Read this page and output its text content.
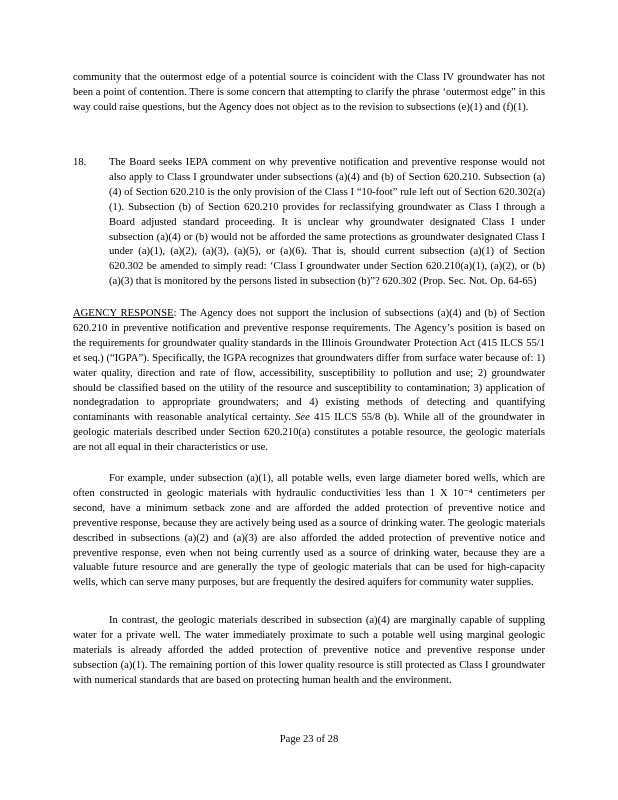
community that the outermost edge of a potential source is coincident with the Class IV groundwater has not been a point of contention. There is some concern that attempting to clarify the phrase ‘outermost edge” in this way could raise questions, but the Agency does not object as to the revision to subsections (e)(1) and (f)(1).

18. The Board seeks IEPA comment on why preventive notification and preventive response would not also apply to Class I groundwater under subsections (a)(4) and (b) of Section 620.210. Subsection (a)(4) of Section 620.210 is the only provision of the Class I “10-foot” rule left out of Section 620.302(a)(1). Subsection (b) of Section 620.210 provides for reclassifying groundwater as Class I through a Board adjusted standard proceeding. It is unclear why groundwater designated Class I under subsection (a)(4) or (b) would not be afforded the same protections as groundwater designated Class I under (a)(1), (a)(2), (a)(3), (a)(5), or (a)(6). That is, should current subsection (a)(1) of Section 620.302 be amended to simply read: ‘Class I groundwater under Section 620.210(a)(1), (a)(2), or (b) (a)(3) that is monitored by the persons listed in subsection (b)”? 620.302 (Prop. Sec. Not. Op. 64-65)

AGENCY RESPONSE: The Agency does not support the inclusion of subsections (a)(4) and (b) of Section 620.210 in preventive notification and preventive response requirements. The Agency’s position is based on the requirements for groundwater quality standards in the Illinois Groundwater Protection Act (415 ILCS 55/1 et seq.) (“IGPA”). Specifically, the IGPA recognizes that groundwaters differ from surface water because of: 1) water quality, direction and rate of flow, accessibility, susceptibility to pollution and use; 2) groundwater should be classified based on the utility of the resource and susceptibility to contamination; 3) application of nondegradation to appropriate groundwaters; and 4) existing methods of detecting and quantifying contaminants with reasonable analytical certainty. See 415 ILCS 55/8 (b). While all of the groundwater in geologic materials described under Section 620.210(a) constitutes a potable resource, the geologic materials are not all equal in their characteristics or use.

For example, under subsection (a)(1), all potable wells, even large diameter bored wells, which are often constructed in geologic materials with hydraulic conductivities less than 1 X 10⁻⁴ centimeters per second, have a minimum setback zone and are afforded the added protection of preventive notice and preventive response, because they are actively being used as a source of drinking water. The geologic materials described in subsections (a)(2) and (a)(3) are also afforded the added protection of preventive notice and preventive response, even when not being currently used as a source of drinking water, because they are a valuable future resource and are generally the type of geologic materials that can be used for high-capacity wells, which can serve many purposes, but are frequently the desired aquifers for community water supplies.

In contrast, the geologic materials described in subsection (a)(4) are marginally capable of suppling water for a private well. The water immediately proximate to such a potable well using marginal geologic materials is already afforded the added protection of preventive notice and preventive response under subsection (a)(1). The remaining portion of this lower quality resource is still protected as Class I groundwater with numerical standards that are based on protecting human health and the environment.

Page 23 of 28
